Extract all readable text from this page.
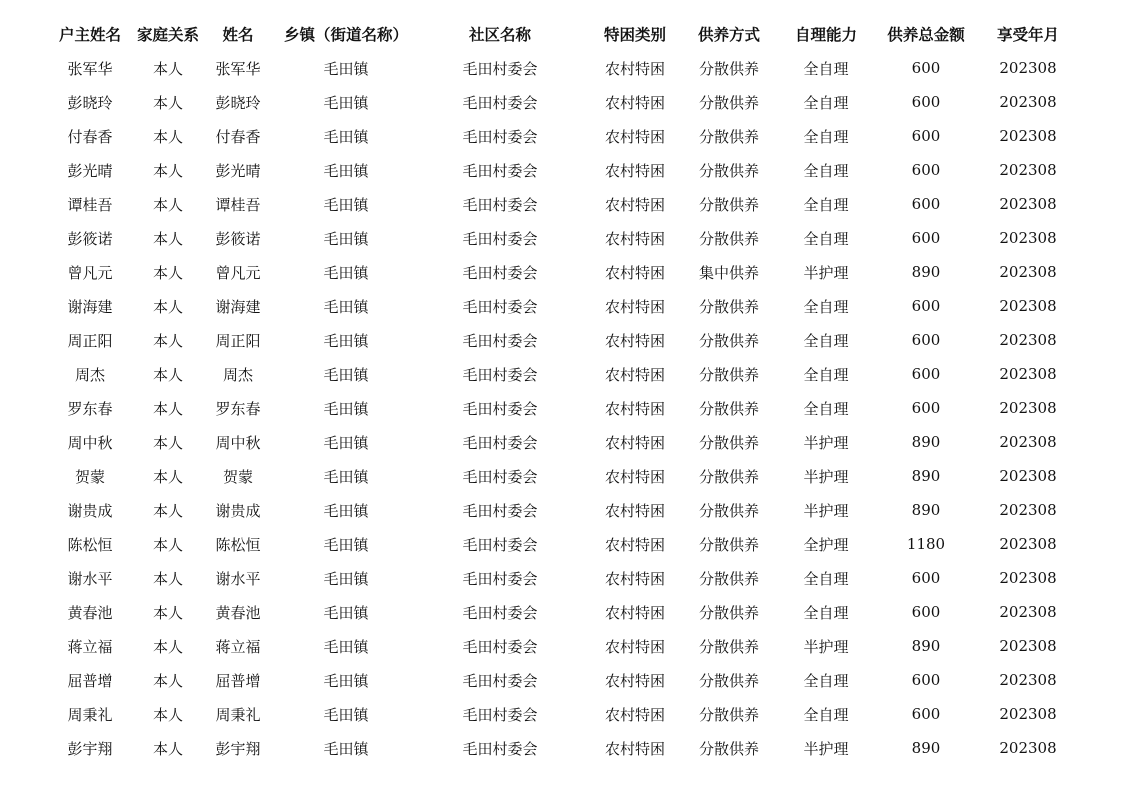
户主姓名	家庭关系	姓名	乡镇（街道名称）	社区名称	特困类别	供养方式	自理能力	供养总金额	享受年月
张军华	本人	张军华	毛田镇	毛田村委会	农村特困	分散供养	全自理	600	202308
彭晓玲	本人	彭晓玲	毛田镇	毛田村委会	农村特困	分散供养	全自理	600	202308
付春香	本人	付春香	毛田镇	毛田村委会	农村特困	分散供养	全自理	600	202308
彭光晴	本人	彭光晴	毛田镇	毛田村委会	农村特困	分散供养	全自理	600	202308
谭桂吾	本人	谭桂吾	毛田镇	毛田村委会	农村特困	分散供养	全自理	600	202308
彭筱诺	本人	彭筱诺	毛田镇	毛田村委会	农村特困	分散供养	全自理	600	202308
曾凡元	本人	曾凡元	毛田镇	毛田村委会	农村特困	集中供养	半护理	890	202308
谢海建	本人	谢海建	毛田镇	毛田村委会	农村特困	分散供养	全自理	600	202308
周正阳	本人	周正阳	毛田镇	毛田村委会	农村特困	分散供养	全自理	600	202308
周杰	本人	周杰	毛田镇	毛田村委会	农村特困	分散供养	全自理	600	202308
罗东春	本人	罗东春	毛田镇	毛田村委会	农村特困	分散供养	全自理	600	202308
周中秋	本人	周中秋	毛田镇	毛田村委会	农村特困	分散供养	半护理	890	202308
贺蒙	本人	贺蒙	毛田镇	毛田村委会	农村特困	分散供养	半护理	890	202308
谢贵成	本人	谢贵成	毛田镇	毛田村委会	农村特困	分散供养	半护理	890	202308
陈松恒	本人	陈松恒	毛田镇	毛田村委会	农村特困	分散供养	全护理	1180	202308
谢水平	本人	谢水平	毛田镇	毛田村委会	农村特困	分散供养	全自理	600	202308
黄春池	本人	黄春池	毛田镇	毛田村委会	农村特困	分散供养	全自理	600	202308
蒋立福	本人	蒋立福	毛田镇	毛田村委会	农村特困	分散供养	半护理	890	202308
屈普增	本人	屈普增	毛田镇	毛田村委会	农村特困	分散供养	全自理	600	202308
周秉礼	本人	周秉礼	毛田镇	毛田村委会	农村特困	分散供养	全自理	600	202308
彭宇翔	本人	彭宇翔	毛田镇	毛田村委会	农村特困	分散供养	半护理	890	202308
